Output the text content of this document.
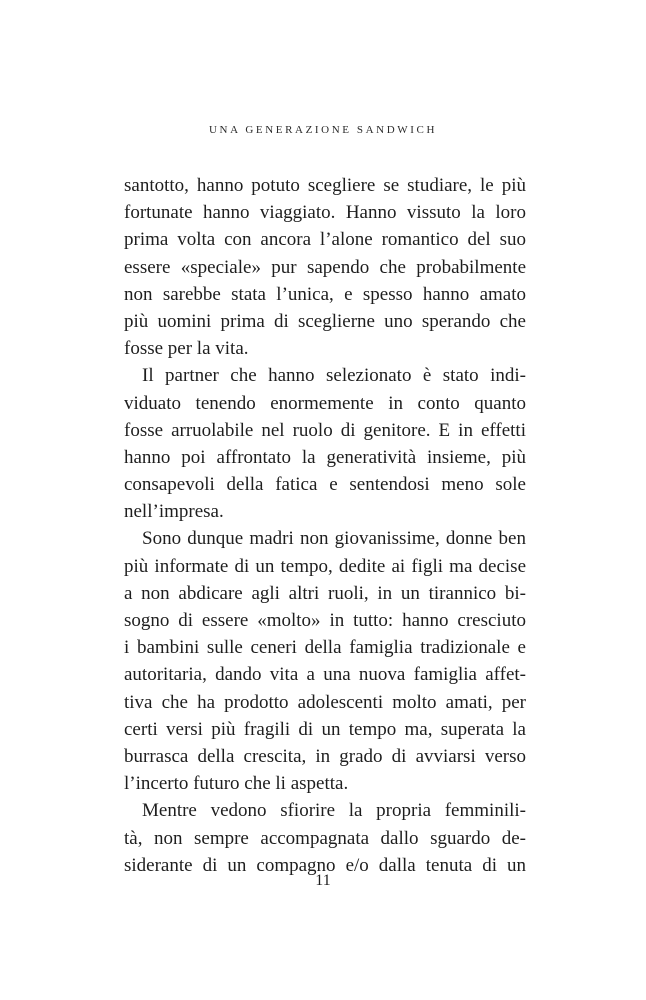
UNA GENERAZIONE SANDWICH
santotto, hanno potuto scegliere se studiare, le più
fortunate hanno viaggiato. Hanno vissuto la loro
prima volta con ancora l’alone romantico del suo
essere «speciale» pur sapendo che probabilmente
non sarebbe stata l’unica, e spesso hanno amato
più uomini prima di sceglierne uno sperando che
fosse per la vita.
Il partner che hanno selezionato è stato indi-
viduato tenendo enormemente in conto quanto
fosse arruolabile nel ruolo di genitore. E in effetti
hanno poi affrontato la generatività insieme, più
consapevoli della fatica e sentendosi meno sole
nell’impresa.
Sono dunque madri non giovanissime, donne ben
più informate di un tempo, dedite ai figli ma decise
a non abdicare agli altri ruoli, in un tirannico bi-
sogno di essere «molto» in tutto: hanno cresciuto
i bambini sulle ceneri della famiglia tradizionale e
autoritaria, dando vita a una nuova famiglia affet-
tiva che ha prodotto adolescenti molto amati, per
certi versi più fragili di un tempo ma, superata la
burrasca della crescita, in grado di avviarsi verso
l’incerto futuro che li aspetta.
Mentre vedono sfiorire la propria femminili-
tà, non sempre accompagnata dallo sguardo de-
siderante di un compagno e/o dalla tenuta di un
11
